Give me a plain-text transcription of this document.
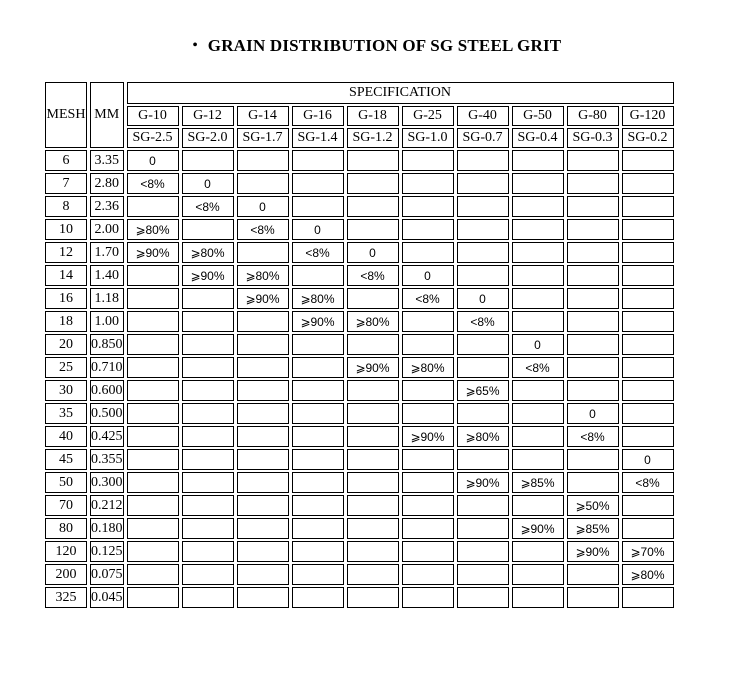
• GRAIN DISTRIBUTION OF SG STEEL GRIT
MESH	MM	SPECIFICATION									
		G-10	G-12	G-14	G-16	G-18	G-25	G-40	G-50	G-80	G-120
		SG-2.5	SG-2.0	SG-1.7	SG-1.4	SG-1.2	SG-1.0	SG-0.7	SG-0.4	SG-0.3	SG-0.2
6	3.35	0									
7	2.80	<8%	0								
8	2.36		<8%	0							
10	2.00	⩾80%		<8%	0						
12	1.70	⩾90%	⩾80%		<8%	0					
14	1.40		⩾90%	⩾80%		<8%	0				
16	1.18			⩾90%	⩾80%		<8%	0			
18	1.00				⩾90%	⩾80%		<8%			
20	0.850								0		
25	0.710					⩾90%	⩾80%		<8%		
30	0.600							⩾65%			
35	0.500									0	
40	0.425						⩾90%	⩾80%		<8%	
45	0.355										0
50	0.300							⩾90%	⩾85%		<8%
70	0.212									⩾50%	
80	0.180								⩾90%	⩾85%	
120	0.125									⩾90%	⩾70%
200	0.075										⩾80%
325	0.045										
